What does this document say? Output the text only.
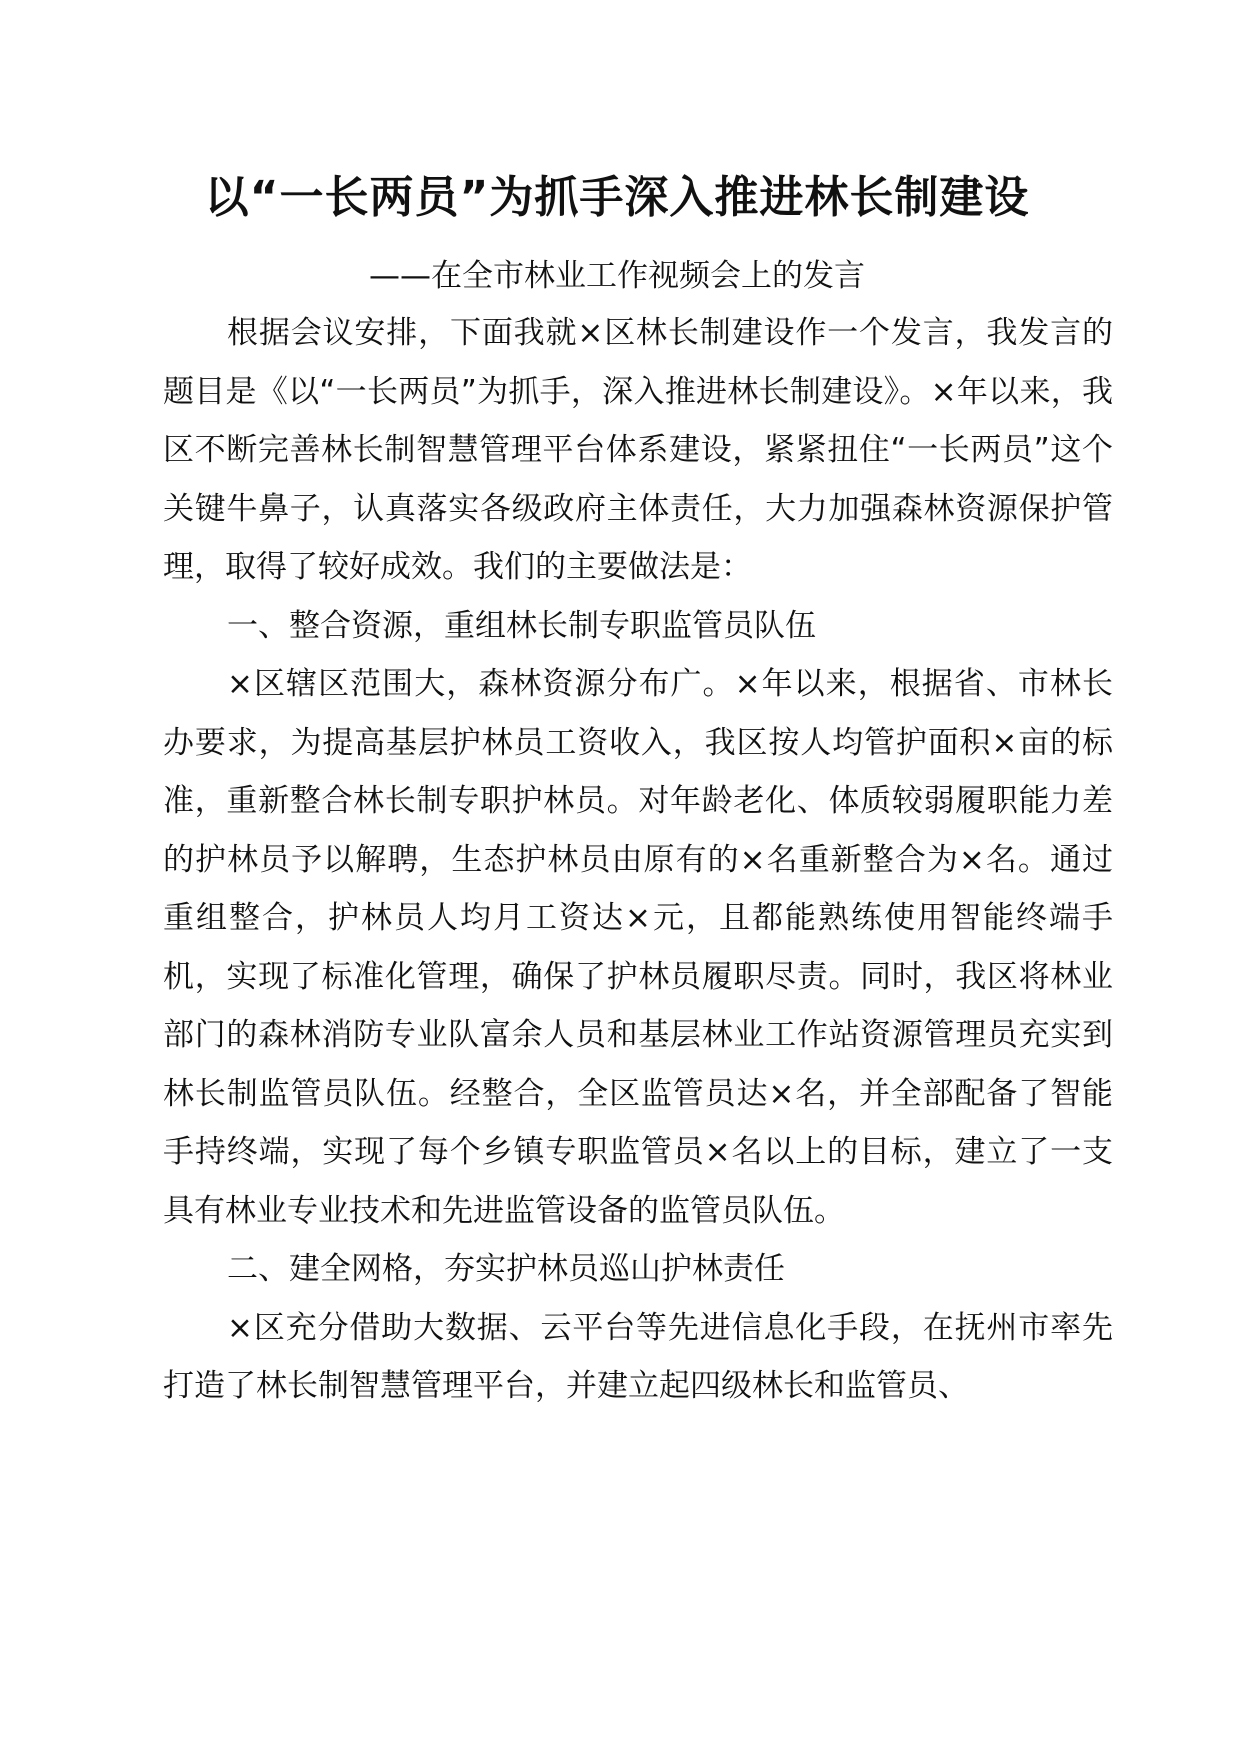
以“一长两员”为抓手深入推进林长制建设
——在全市林业工作视频会上的发言

根据会议安排，下面我就×区林长制建设作一个发言，我发言的题目是《以“一长两员”为抓手，深入推进林长制建设》。×年以来，我区不断完善林长制智慧管理平台体系建设，紧紧扭住“一长两员”这个关键牛鼻子，认真落实各级政府主体责任，大力加强森林资源保护管理，取得了较好成效。我们的主要做法是：

一、整合资源，重组林长制专职监管员队伍

×区辖区范围大，森林资源分布广。×年以来，根据省、市林长办要求，为提高基层护林员工资收入，我区按人均管护面积×亩的标准，重新整合林长制专职护林员。对年龄老化、体质较弱履职能力差的护林员予以解聘，生态护林员由原有的×名重新整合为×名。通过重组整合，护林员人均月工资达×元，且都能熟练使用智能终端手机，实现了标准化管理，确保了护林员履职尽责。同时，我区将林业部门的森林消防专业队富余人员和基层林业工作站资源管理员充实到林长制监管员队伍。经整合，全区监管员达×名，并全部配备了智能手持终端，实现了每个乡镇专职监管员×名以上的目标，建立了一支具有林业专业技术和先进监管设备的监管员队伍。

二、建全网格，夯实护林员巡山护林责任

×区充分借助大数据、云平台等先进信息化手段，在抚州市率先打造了林长制智慧管理平台，并建立起四级林长和监管员、
